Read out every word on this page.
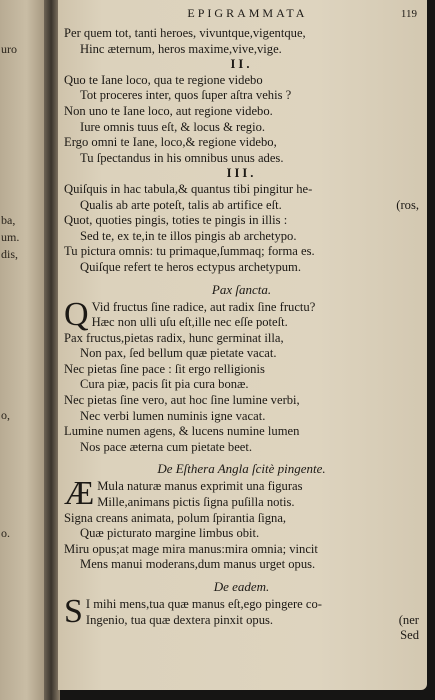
uro
ba,
um.
dis,
o,
o.
EPIGRAMMATA	119
Per quem tot, tanti heroes, vivuntque,vigentque,
Hinc æternum, heros maxime,vive,vige.
II.
Quo te Iane loco, qua te regione videbo
Tot proceres inter, quos ſuper aſtra vehis ?
Non uno te Iane loco, aut regione videbo.
Iure omnis tuus eſt, & locus & regio.
Ergo omni te Iane, loco,& regione videbo,
Tu ſpectandus in his omnibus unus ades.
III.
Quiſquis in hac tabula,& quantus tibi pingitur he-
Qualis ab arte poteſt, talis ab artifice eſt.	(ros,
Quot, quoties pingis, toties te pingis in illis :
Sed te, ex te,in te illos pingis ab archetypo.
Tu pictura omnis: tu primaque,ſummaq; forma es.
Quiſque refert te heros ectypus archetypum.
Pax ſancta.
Q Vid fructus ſine radice, aut radix ſine fructu?
Hæc non ulli uſu eſt,ille nec eſſe poteſt.
Pax fructus,pietas radix, hunc germinat illa,
Non pax, ſed bellum quæ pietate vacat.
Nec pietas ſine pace : ſit ergo relligionis
Cura piæ, pacis ſit pia cura bonæ.
Nec pietas ſine vero, aut hoc ſine lumine verbi,
Nec verbi lumen numinis igne vacat.
Lumine numen agens, & lucens numine lumen
Nos pace æterna cum pietate beet.
De Eſthera Angla ſcitè pingente.
Æ Mula naturæ manus exprimit una figuras
Mille,animans pictis ſigna puſilla notis.
Signa creans animata, polum ſpirantia ſigna,
Quæ picturato margine limbus obit.
Miru opus;at mage mira manus:mira omnia; vincit
Mens manui moderans,dum manus urget opus.
De eadem.
S I mihi mens,tua quæ manus eſt,ego pingere co-
Ingenio, tua quæ dextera pinxit opus.	(ner
Sed
